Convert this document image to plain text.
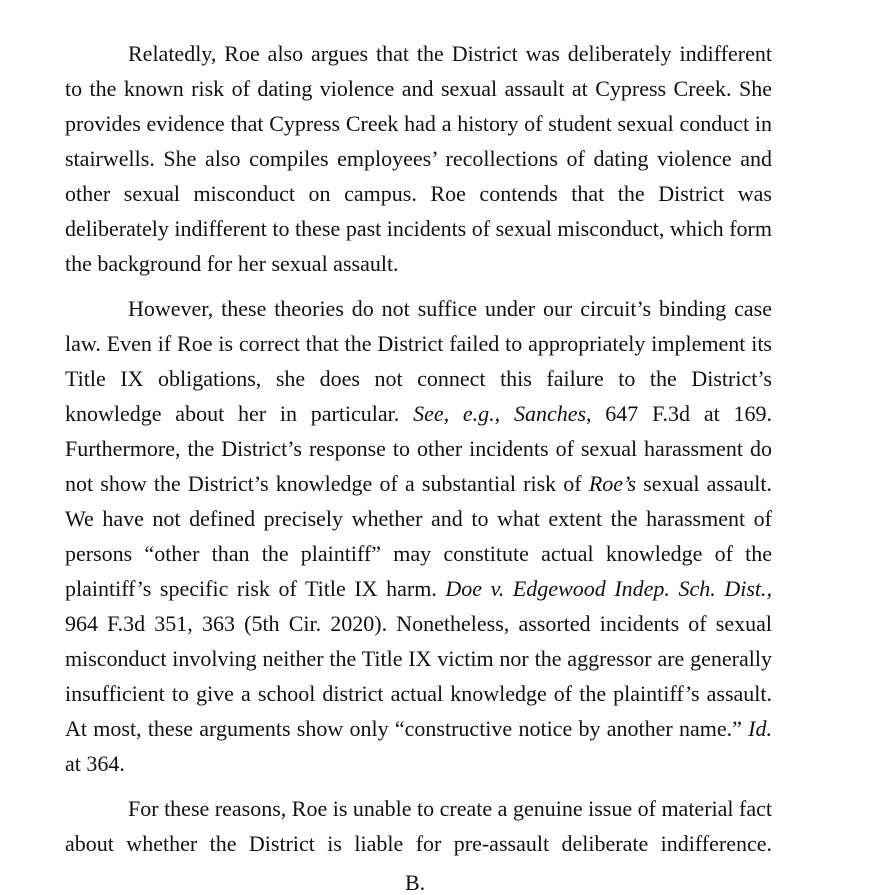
Relatedly, Roe also argues that the District was deliberately indifferent to the known risk of dating violence and sexual assault at Cypress Creek. She provides evidence that Cypress Creek had a history of student sexual conduct in stairwells. She also compiles employees’ recollections of dating violence and other sexual misconduct on campus. Roe contends that the District was deliberately indifferent to these past incidents of sexual misconduct, which form the background for her sexual assault.

However, these theories do not suffice under our circuit’s binding case law. Even if Roe is correct that the District failed to appropriately implement its Title IX obligations, she does not connect this failure to the District’s knowledge about her in particular. See, e.g., Sanches, 647 F.3d at 169. Furthermore, the District’s response to other incidents of sexual harassment do not show the District’s knowledge of a substantial risk of Roe’s sexual assault. We have not defined precisely whether and to what extent the harassment of persons “other than the plaintiff” may constitute actual knowledge of the plaintiff’s specific risk of Title IX harm. Doe v. Edgewood Indep. Sch. Dist., 964 F.3d 351, 363 (5th Cir. 2020). Nonetheless, assorted incidents of sexual misconduct involving neither the Title IX victim nor the aggressor are generally insufficient to give a school district actual knowledge of the plaintiff’s assault. At most, these arguments show only “constructive notice by another name.” Id. at 364.

For these reasons, Roe is unable to create a genuine issue of material fact about whether the District is liable for pre-assault deliberate indifference.

B.
